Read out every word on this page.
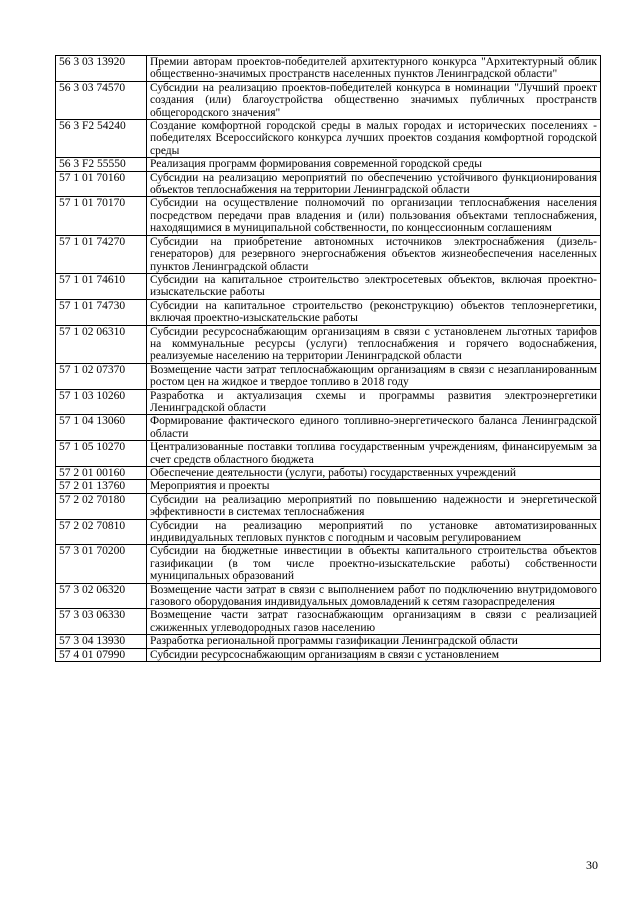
56 3 03 13920	Премии авторам проектов-победителей архитектурного конкурса "Архитектурный облик общественно-значимых пространств населенных пунктов Ленинградской области"
56 3 03 74570	Субсидии на реализацию проектов-победителей конкурса в номинации "Лучший проект создания (или) благоустройства общественно значимых публичных пространств общегородского значения"
56 3 F2 54240	Создание комфортной городской среды в малых городах и исторических поселениях - победителях Всероссийского конкурса лучших проектов создания комфортной городской среды
56 3 F2 55550	Реализация программ формирования современной городской среды
57 1 01 70160	Субсидии на реализацию мероприятий по обеспечению устойчивого функционирования объектов теплоснабжения на территории Ленинградской области
57 1 01 70170	Субсидии на осуществление полномочий по организации теплоснабжения населения посредством передачи прав владения и (или) пользования объектами теплоснабжения, находящимися в муниципальной собственности, по концессионным соглашениям
57 1 01 74270	Субсидии на приобретение автономных источников электроснабжения (дизель-генераторов) для резервного энергоснабжения объектов жизнеобеспечения населенных пунктов Ленинградской области
57 1 01 74610	Субсидии на капитальное строительство электросетевых объектов, включая проектно-изыскательские работы
57 1 01 74730	Субсидии на капитальное строительство (реконструкцию) объектов теплоэнергетики, включая проектно-изыскательские работы
57 1 02 06310	Субсидии ресурсоснабжающим организациям в связи с установленем льготных тарифов на коммунальные ресурсы (услуги) теплоснабжения и горячего водоснабжения, реализуемые населению на территории Ленинградской области
57 1 02 07370	Возмещение части затрат теплоснабжающим организациям в связи с незапланированным ростом цен на жидкое и твердое топливо в 2018 году
57 1 03 10260	Разработка и актуализация схемы и программы развития электроэнергетики Ленинградской области
57 1 04 13060	Формирование фактического единого топливно-энергетического баланса Ленинградской области
57 1 05 10270	Централизованные поставки топлива государственным учреждениям, финансируемым за счет средств областного бюджета
57 2 01 00160	Обеспечение деятельности (услуги, работы) государственных учреждений
57 2 01 13760	Мероприятия и проекты
57 2 02 70180	Субсидии на реализацию мероприятий по повышению надежности и энергетической эффективности в системах теплоснабжения
57 2 02 70810	Субсидии на реализацию мероприятий по установке автоматизированных индивидуальных тепловых пунктов с погодным и часовым регулированием
57 3 01 70200	Субсидии на бюджетные инвестиции в объекты капитального строительства объектов газификации (в том числе проектно-изыскательские работы) собственности муниципальных образований
57 3 02 06320	Возмещение части затрат в связи с выполнением работ по подключению внутридомового газового оборудования индивидуальных домовладений к сетям газораспределения
57 3 03 06330	Возмещение части затрат газоснабжающим организациям в связи с реализацией сжиженных углеводородных газов населению
57 3 04 13930	Разработка региональной программы газификации Ленинградской области
57 4 01 07990	Субсидии ресурсоснабжающим организациям в связи с установлением
30
